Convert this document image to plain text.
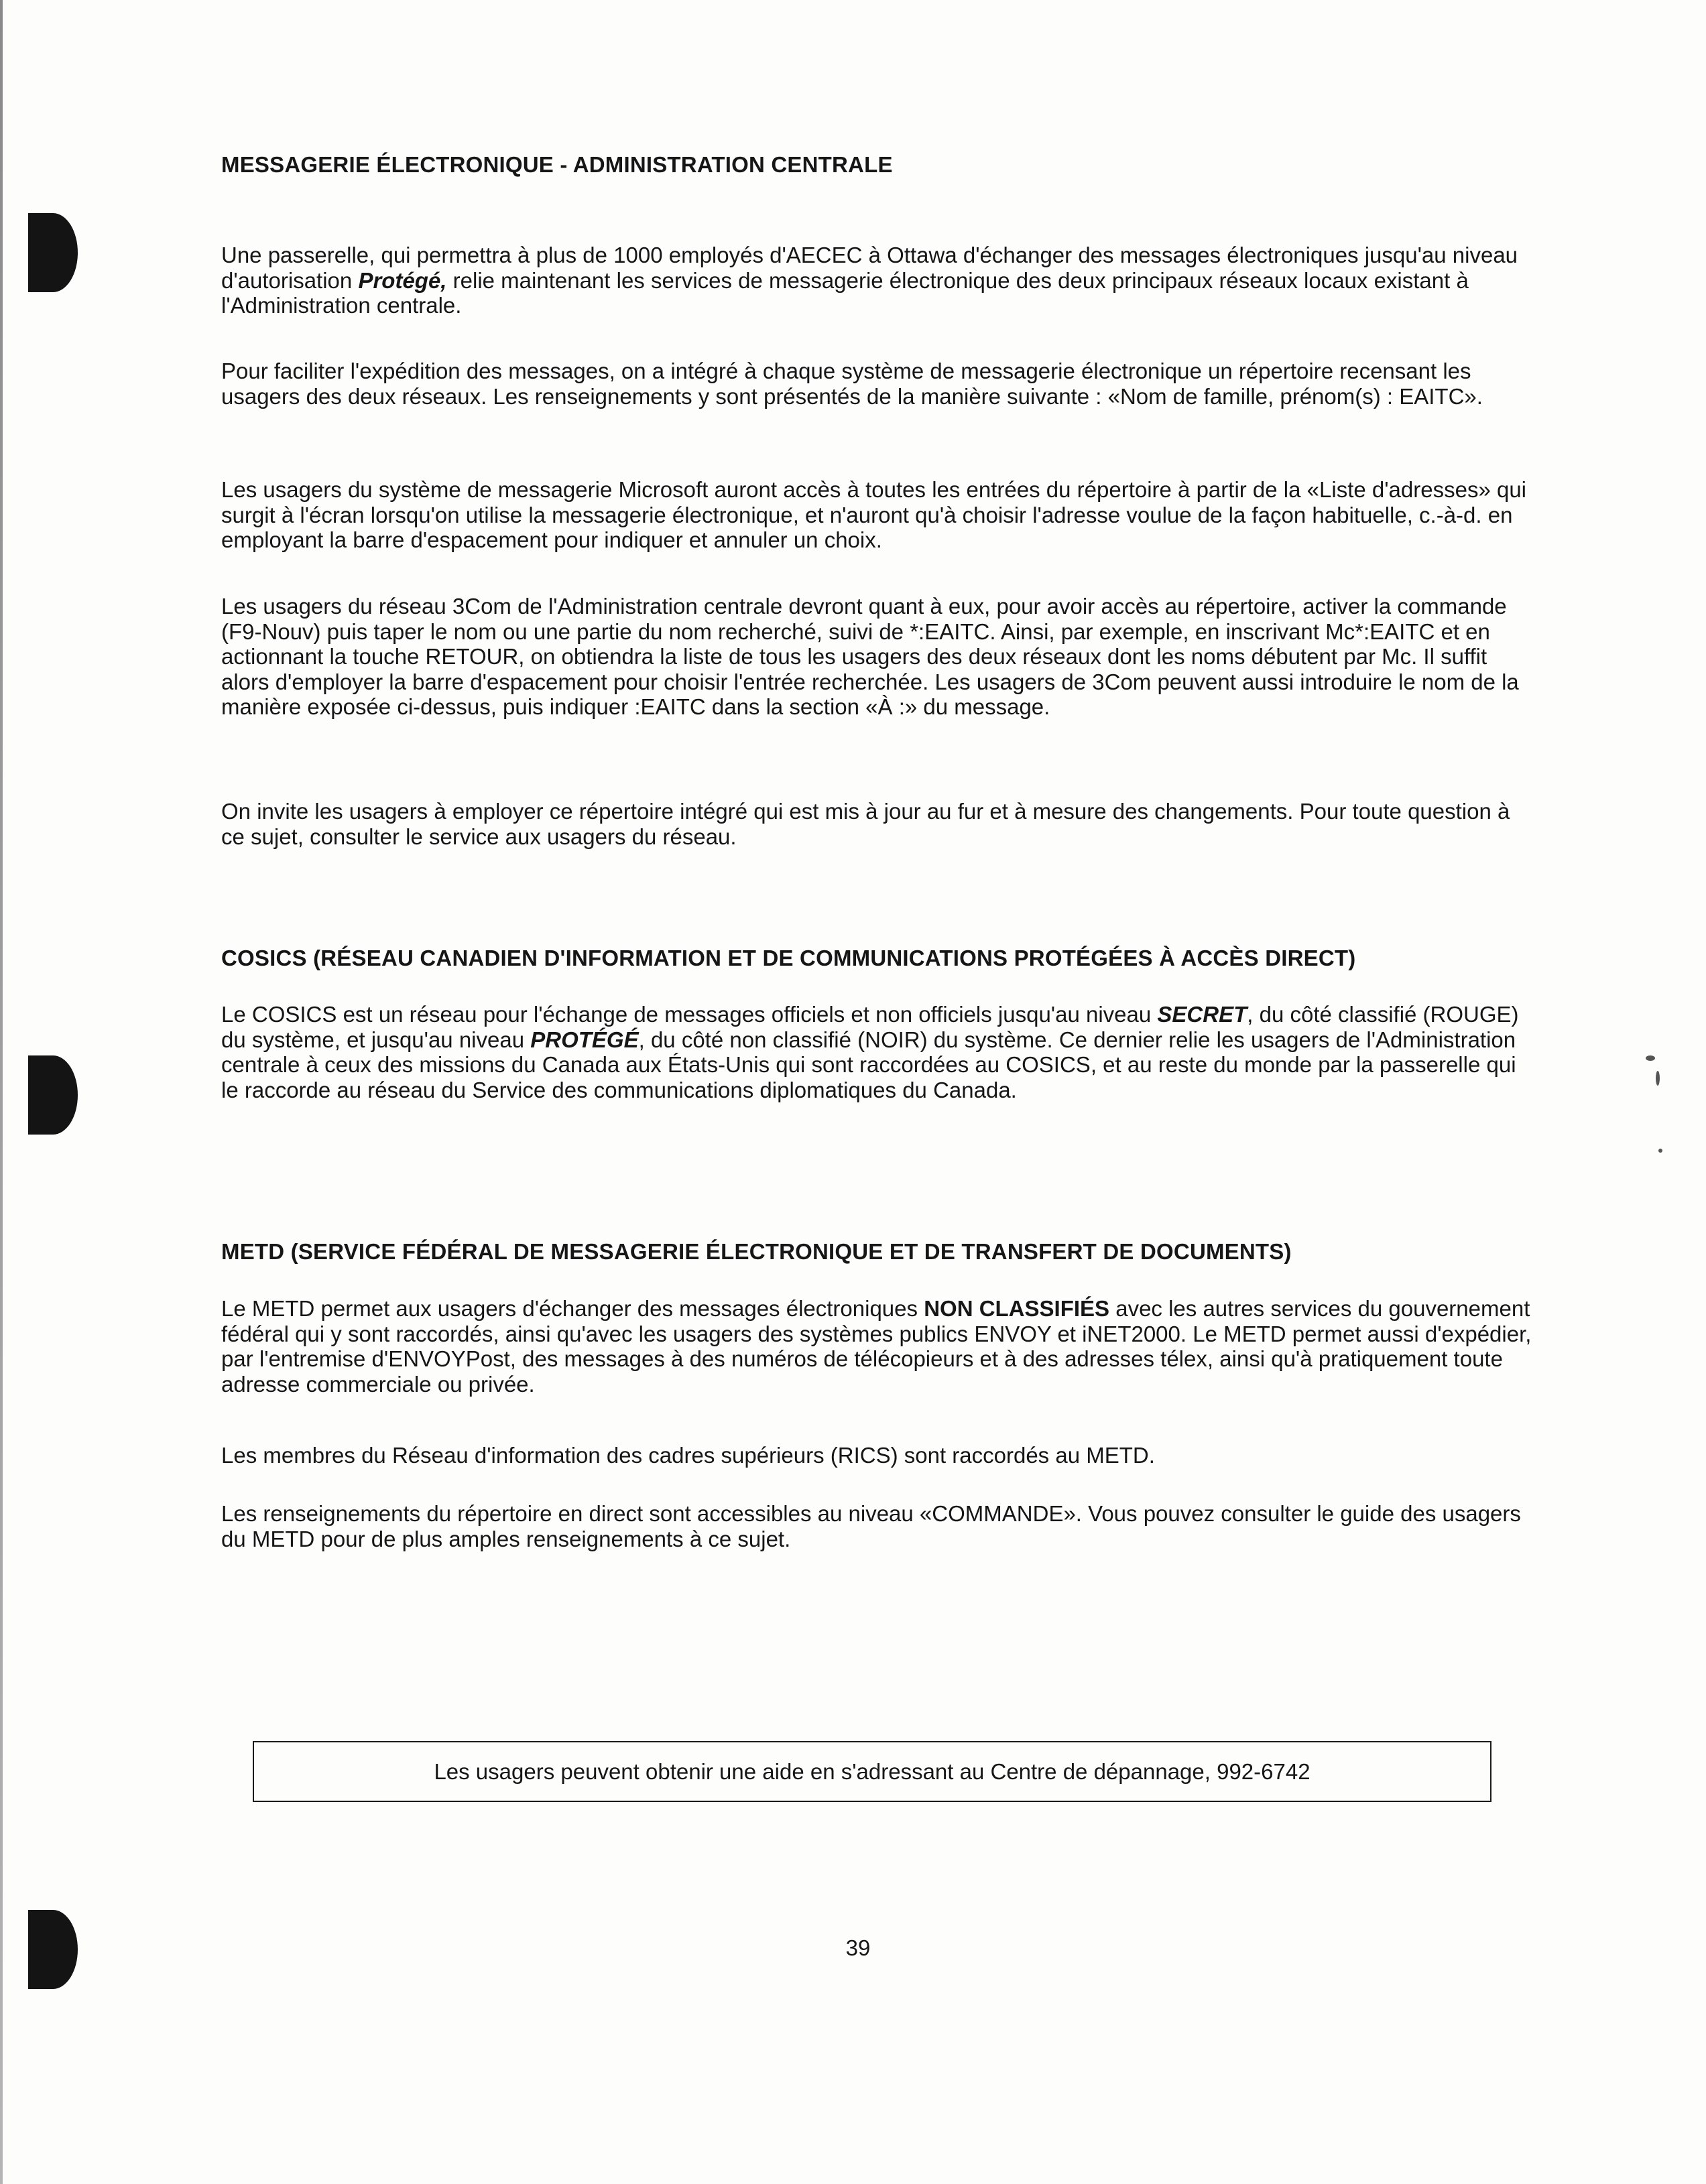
MESSAGERIE ÉLECTRONIQUE - ADMINISTRATION CENTRALE

Une passerelle, qui permettra à plus de 1000 employés d'AECEC à Ottawa d'échanger des messages électroniques jusqu'au niveau d'autorisation Protégé, relie maintenant les services de messagerie électronique des deux principaux réseaux locaux existant à l'Administration centrale.

Pour faciliter l'expédition des messages, on a intégré à chaque système de messagerie électronique un répertoire recensant les usagers des deux réseaux. Les renseignements y sont présentés de la manière suivante : «Nom de famille, prénom(s) : EAITC».

Les usagers du système de messagerie Microsoft auront accès à toutes les entrées du répertoire à partir de la «Liste d'adresses» qui surgit à l'écran lorsqu'on utilise la messagerie électronique, et n'auront qu'à choisir l'adresse voulue de la façon habituelle, c.-à-d. en employant la barre d'espacement pour indiquer et annuler un choix.

Les usagers du réseau 3Com de l'Administration centrale devront quant à eux, pour avoir accès au répertoire, activer la commande (F9-Nouv) puis taper le nom ou une partie du nom recherché, suivi de *:EAITC. Ainsi, par exemple, en inscrivant Mc*:EAITC et en actionnant la touche RETOUR, on obtiendra la liste de tous les usagers des deux réseaux dont les noms débutent par Mc. Il suffit alors d'employer la barre d'espacement pour choisir l'entrée recherchée. Les usagers de 3Com peuvent aussi introduire le nom de la manière exposée ci-dessus, puis indiquer :EAITC dans la section «À :» du message.

On invite les usagers à employer ce répertoire intégré qui est mis à jour au fur et à mesure des changements. Pour toute question à ce sujet, consulter le service aux usagers du réseau.

COSICS (RÉSEAU CANADIEN D'INFORMATION ET DE COMMUNICATIONS PROTÉGÉES À ACCÈS DIRECT)

Le COSICS est un réseau pour l'échange de messages officiels et non officiels jusqu'au niveau SECRET, du côté classifié (ROUGE) du système, et jusqu'au niveau PROTÉGÉ, du côté non classifié (NOIR) du système. Ce dernier relie les usagers de l'Administration centrale à ceux des missions du Canada aux États-Unis qui sont raccordées au COSICS, et au reste du monde par la passerelle qui le raccorde au réseau du Service des communications diplomatiques du Canada.

METD (SERVICE FÉDÉRAL DE MESSAGERIE ÉLECTRONIQUE ET DE TRANSFERT DE DOCUMENTS)

Le METD permet aux usagers d'échanger des messages électroniques NON CLASSIFIÉS avec les autres services du gouvernement fédéral qui y sont raccordés, ainsi qu'avec les usagers des systèmes publics ENVOY et iNET2000. Le METD permet aussi d'expédier, par l'entremise d'ENVOYPost, des messages à des numéros de télécopieurs et à des adresses télex, ainsi qu'à pratiquement toute adresse commerciale ou privée.

Les membres du Réseau d'information des cadres supérieurs (RICS) sont raccordés au METD.

Les renseignements du répertoire en direct sont accessibles au niveau «COMMANDE». Vous pouvez consulter le guide des usagers du METD pour de plus amples renseignements à ce sujet.

Les usagers peuvent obtenir une aide en s'adressant au Centre de dépannage, 992-6742
39
